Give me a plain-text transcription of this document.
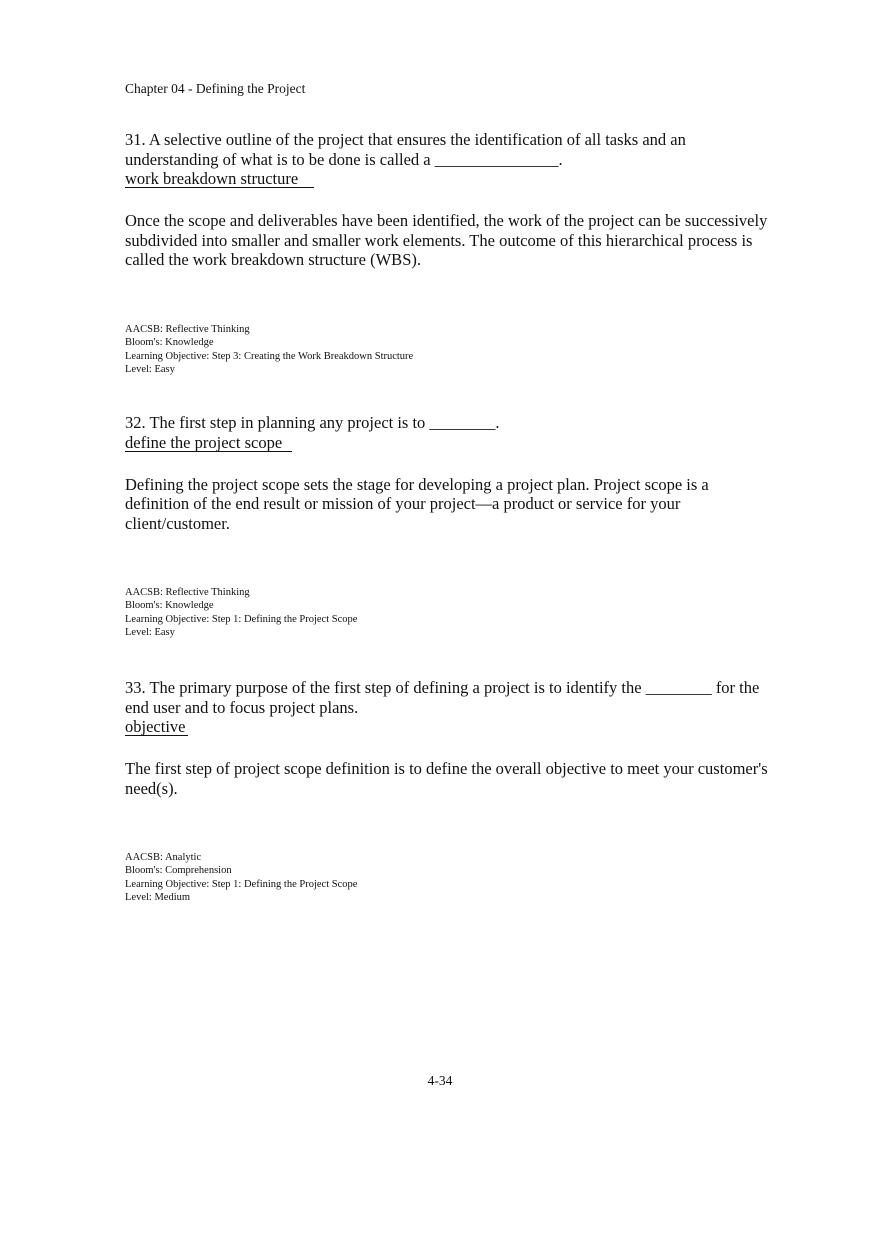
Chapter 04 - Defining the Project

31. A selective outline of the project that ensures the identification of all tasks and an understanding of what is to be done is called a _______________.

work breakdown structure

Once the scope and deliverables have been identified, the work of the project can be successively subdivided into smaller and smaller work elements. The outcome of this hierarchical process is called the work breakdown structure (WBS).

AACSB: Reflective Thinking
Bloom's: Knowledge
Learning Objective: Step 3: Creating the Work Breakdown Structure
Level: Easy

32. The first step in planning any project is to ________.

define the project scope

Defining the project scope sets the stage for developing a project plan. Project scope is a definition of the end result or mission of your project—a product or service for your client/customer.

AACSB: Reflective Thinking
Bloom's: Knowledge
Learning Objective: Step 1: Defining the Project Scope
Level: Easy

33. The primary purpose of the first step of defining a project is to identify the ________ for the end user and to focus project plans.

objective

The first step of project scope definition is to define the overall objective to meet your customer's need(s).

AACSB: Analytic
Bloom's: Comprehension
Learning Objective: Step 1: Defining the Project Scope
Level: Medium
4-34
